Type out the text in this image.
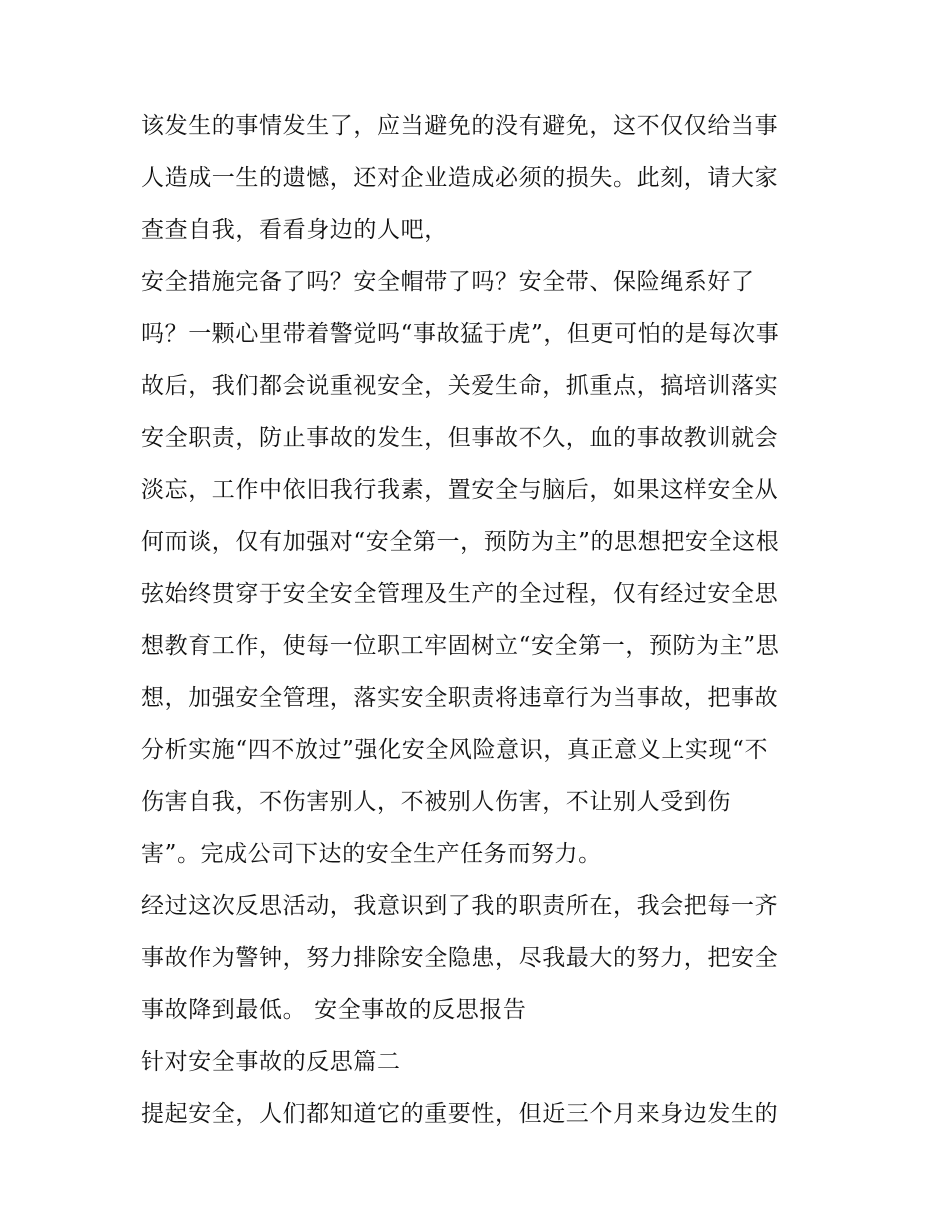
该发生的事情发生了，应当避免的没有避免，这不仅仅给当事

人造成一生的遗憾，还对企业造成必须的损失。此刻，请大家

查查自我，看看身边的人吧，

安全措施完备了吗？安全帽带了吗？安全带、保险绳系好了

吗？一颗心里带着警觉吗“事故猛于虎”，但更可怕的是每次事

故后，我们都会说重视安全，关爱生命，抓重点，搞培训落实

安全职责，防止事故的发生，但事故不久，血的事故教训就会

淡忘，工作中依旧我行我素，置安全与脑后，如果这样安全从

何而谈，仅有加强对“安全第一，预防为主”的思想把安全这根

弦始终贯穿于安全安全管理及生产的全过程，仅有经过安全思

想教育工作，使每一位职工牢固树立“安全第一，预防为主”思

想，加强安全管理，落实安全职责将违章行为当事故，把事故

分析实施“四不放过”强化安全风险意识，真正意义上实现“不

伤害自我，不伤害别人，不被别人伤害，不让别人受到伤

害”。完成公司下达的安全生产任务而努力。

经过这次反思活动，我意识到了我的职责所在，我会把每一齐

事故作为警钟，努力排除安全隐患，尽我最大的努力，把安全

事故降到最低。 安全事故的反思报告

针对安全事故的反思篇二

提起安全，人们都知道它的重要性，但近三个月来身边发生的
